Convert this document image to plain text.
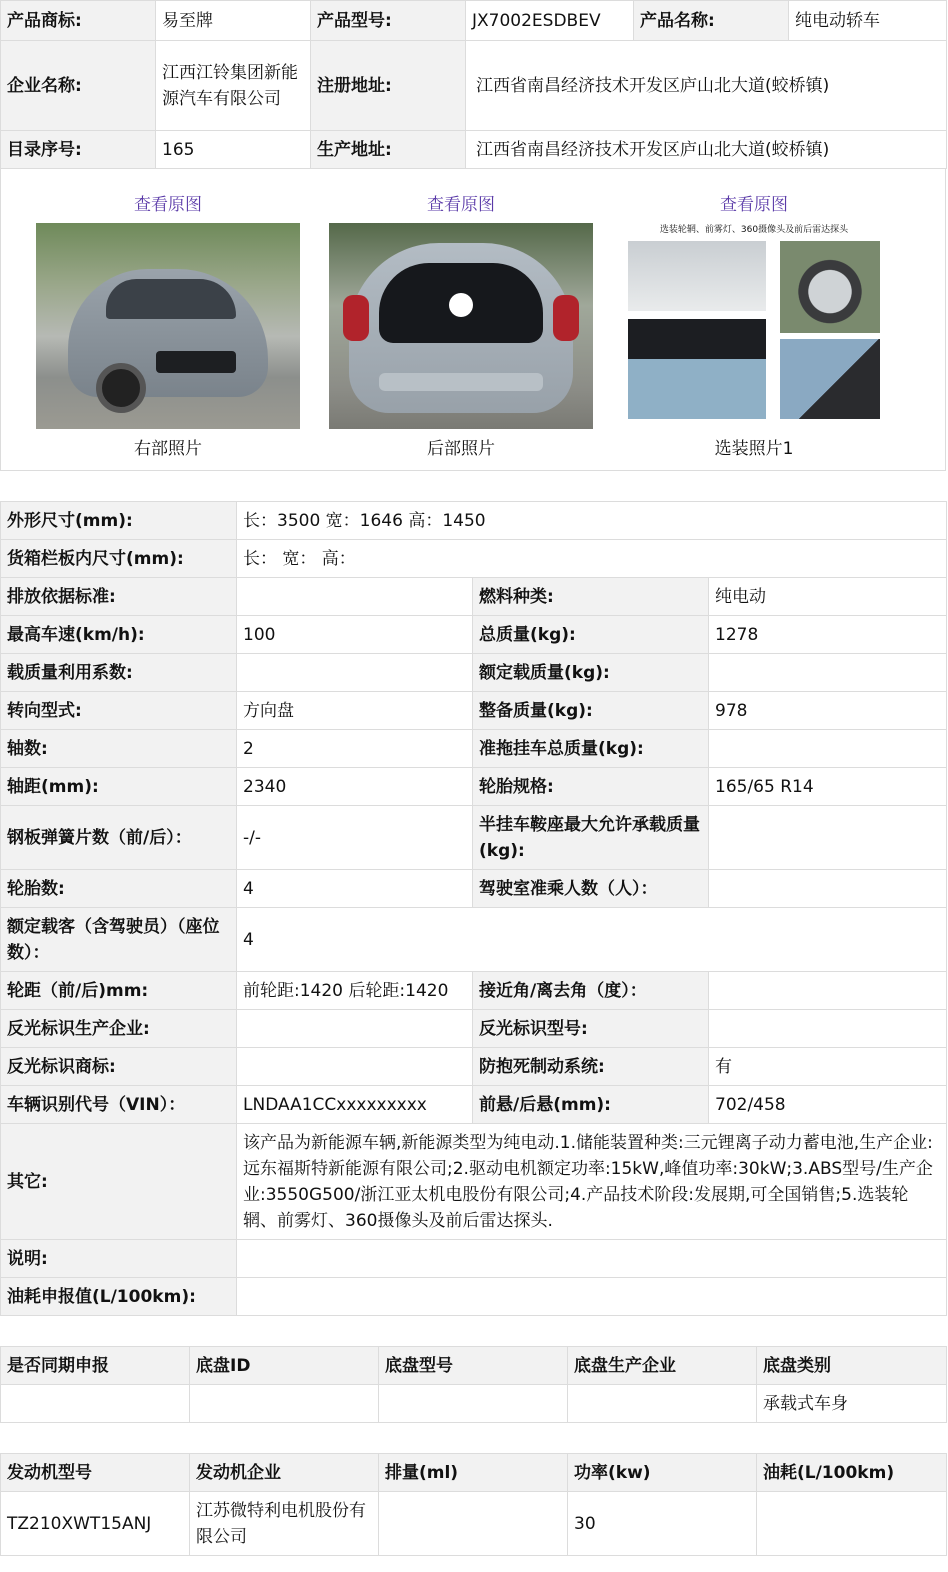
产品商标:	易至牌	产品型号:	JX7002ESDBEV	产品名称:	纯电动轿车
企业名称:	江西江铃集团新能源汽车有限公司	注册地址:	江西省南昌经济技术开发区庐山北大道(蛟桥镇)		
目录序号:	165	生产地址:	江西省南昌经济技术开发区庐山北大道(蛟桥镇)		
查看原图
右部照片
查看原图
后部照片
查看原图
选装轮辋、前雾灯、360摄像头及前后雷达探头
选装照片1
外形尺寸(mm):	长：3500 宽：1646 高：1450		
货箱栏板内尺寸(mm):	长： 宽： 高：		
排放依据标准:		燃料种类:	纯电动
最高车速(km/h):	100	总质量(kg):	1278
载质量利用系数:		额定载质量(kg):	
转向型式:	方向盘	整备质量(kg):	978
轴数:	2	准拖挂车总质量(kg):	
轴距(mm):	2340	轮胎规格:	165/65 R14
钢板弹簧片数（前/后）：	-/-	半挂车鞍座最大允许承载质量(kg):	
轮胎数:	4	驾驶室准乘人数（人）：	
额定载客（含驾驶员）（座位数）：	4		
轮距（前/后)mm:	前轮距:1420 后轮距:1420	接近角/离去角（度）：	
反光标识生产企业:		反光标识型号:	
反光标识商标:		防抱死制动系统:	有
车辆识别代号（VIN）：	LNDAA1CCxxxxxxxxx	前悬/后悬(mm):	702/458
其它:	该产品为新能源车辆,新能源类型为纯电动.1.储能装置种类:三元锂离子动力蓄电池,生产企业:远东福斯特新能源有限公司;2.驱动电机额定功率:15kW,峰值功率:30kW;3.ABS型号/生产企业:3550G500/浙江亚太机电股份有限公司;4.产品技术阶段:发展期,可全国销售;5.选装轮辋、前雾灯、360摄像头及前后雷达探头.		
说明:			
油耗申报值(L/100km):			
是否同期申报	底盘ID	底盘型号	底盘生产企业	底盘类别
				承载式车身
发动机型号	发动机企业	排量(ml)	功率(kw)	油耗(L/100km)
TZ210XWT15ANJ	江苏微特利电机股份有限公司		30	
